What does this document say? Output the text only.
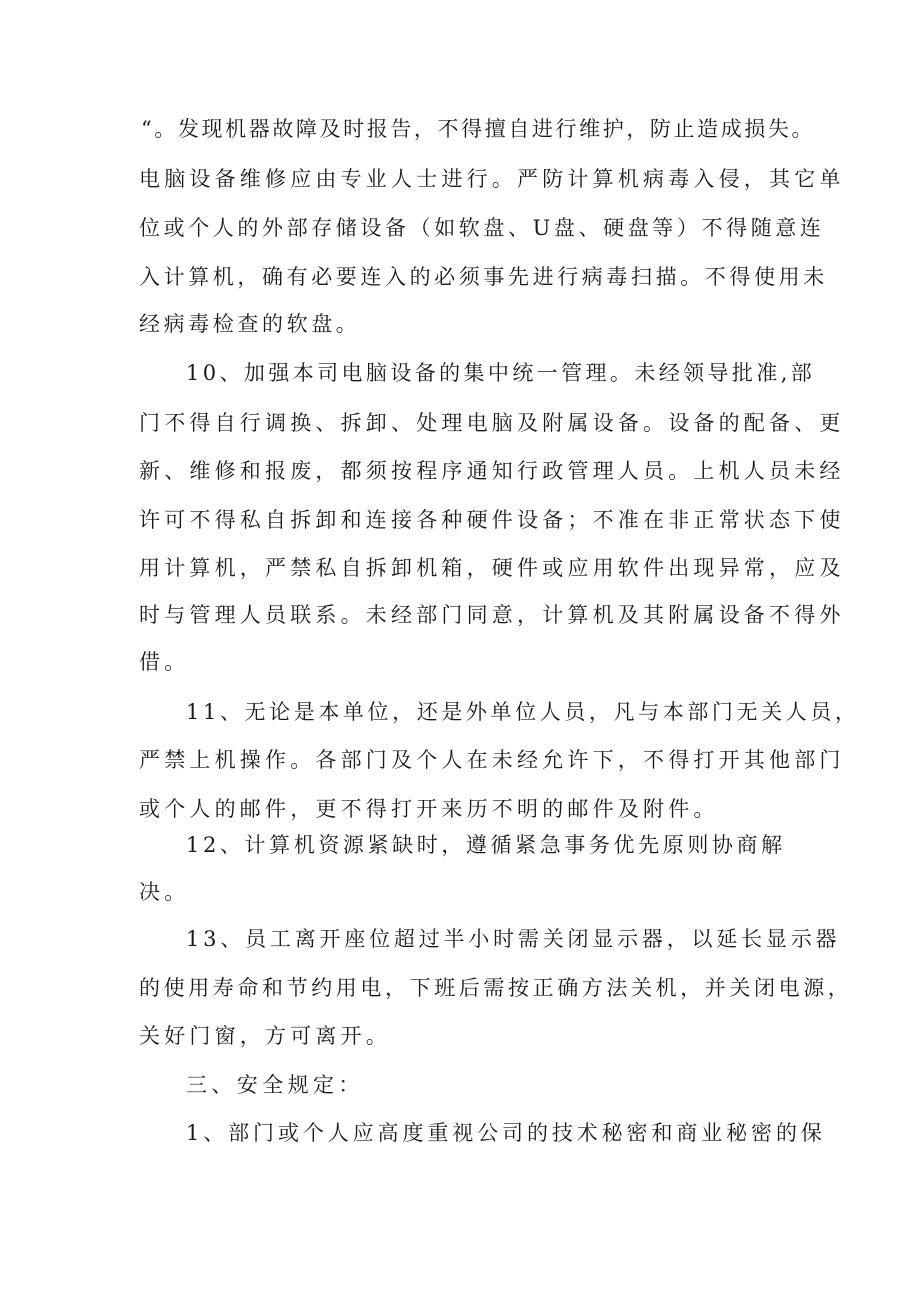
“。发现机器故障及时报告，不得擅自进行维护，防止造成损失。
电脑设备维修应由专业人士进行。严防计算机病毒入侵，其它单
位或个人的外部存储设备（如软盘、U盘、硬盘等）不得随意连
入计算机，确有必要连入的必须事先进行病毒扫描。不得使用未
经病毒检查的软盘。
10、加强本司电脑设备的集中统一管理。未经领导批准,部
门不得自行调换、拆卸、处理电脑及附属设备。设备的配备、更
新、维修和报废，都须按程序通知行政管理人员。上机人员未经
许可不得私自拆卸和连接各种硬件设备；不准在非正常状态下使
用计算机，严禁私自拆卸机箱，硬件或应用软件出现异常，应及
时与管理人员联系。未经部门同意，计算机及其附属设备不得外
借。
11、无论是本单位，还是外单位人员，凡与本部门无关人员，
严禁上机操作。各部门及个人在未经允许下，不得打开其他部门
或个人的邮件，更不得打开来历不明的邮件及附件。
12、计算机资源紧缺时，遵循紧急事务优先原则协商解
决。
13、员工离开座位超过半小时需关闭显示器，以延长显示器
的使用寿命和节约用电，下班后需按正确方法关机，并关闭电源，
关好门窗，方可离开。
三、安全规定：
1、部门或个人应高度重视公司的技术秘密和商业秘密的保
